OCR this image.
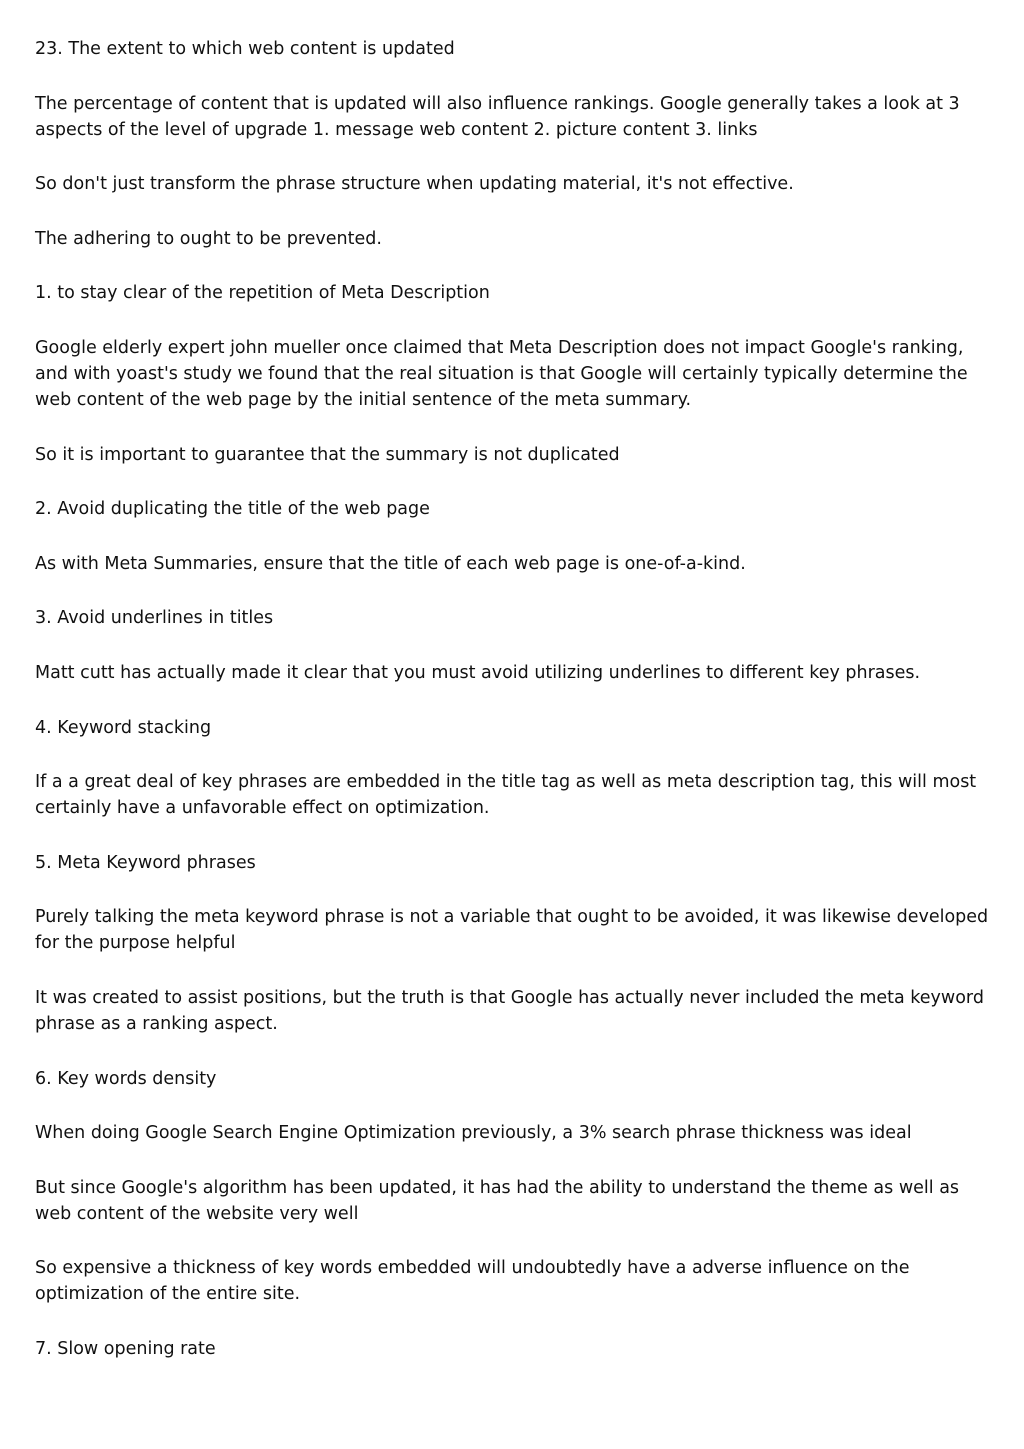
23. The extent to which web content is updated

The percentage of content that is updated will also influence rankings. Google generally takes a look at 3 aspects of the level of upgrade 1. message web content 2. picture content 3. links

So don't just transform the phrase structure when updating material, it's not effective.

The adhering to ought to be prevented.

1. to stay clear of the repetition of Meta Description

Google elderly expert john mueller once claimed that Meta Description does not impact Google's ranking, and with yoast's study we found that the real situation is that Google will certainly typically determine the web content of the web page by the initial sentence of the meta summary.

So it is important to guarantee that the summary is not duplicated

2. Avoid duplicating the title of the web page

As with Meta Summaries, ensure that the title of each web page is one-of-a-kind.

3. Avoid underlines in titles

Matt cutt has actually made it clear that you must avoid utilizing underlines to different key phrases.

4. Keyword stacking

If a a great deal of key phrases are embedded in the title tag as well as meta description tag, this will most certainly have a unfavorable effect on optimization.

5. Meta Keyword phrases

Purely talking the meta keyword phrase is not a variable that ought to be avoided, it was likewise developed for the purpose helpful

It was created to assist positions, but the truth is that Google has actually never included the meta keyword phrase as a ranking aspect.

6. Key words density

When doing Google Search Engine Optimization previously, a 3% search phrase thickness was ideal

But since Google's algorithm has been updated, it has had the ability to understand the theme as well as web content of the website very well

So expensive a thickness of key words embedded will undoubtedly have a adverse influence on the optimization of the entire site.

7. Slow opening rate
